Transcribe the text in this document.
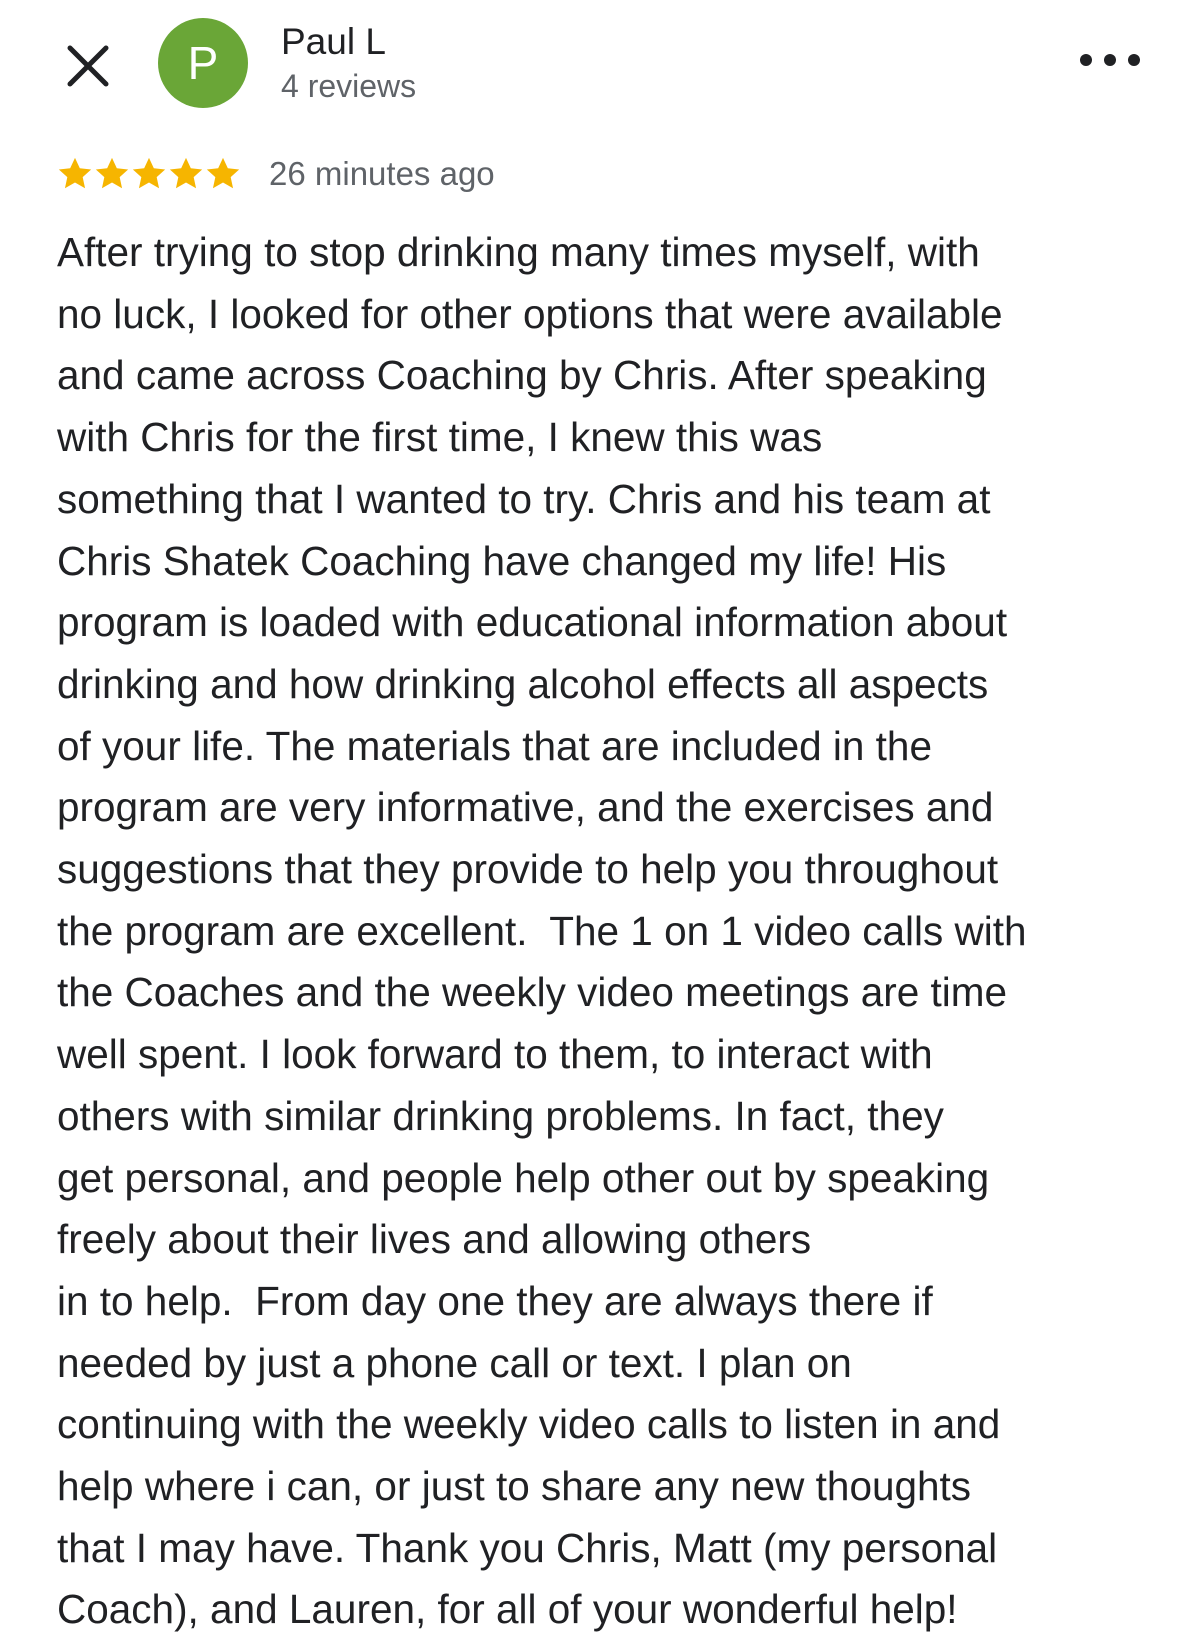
P Paul L
4 reviews
26 minutes ago
After trying to stop drinking many times myself, with
no luck, I looked for other options that were available
and came across Coaching by Chris. After speaking
with Chris for the first time, I knew this was
something that I wanted to try. Chris and his team at
Chris Shatek Coaching have changed my life! His
program is loaded with educational information about
drinking and how drinking alcohol effects all aspects
of your life. The materials that are included in the
program are very informative, and the exercises and
suggestions that they provide to help you throughout
the program are excellent.  The 1 on 1 video calls with
the Coaches and the weekly video meetings are time
well spent. I look forward to them, to interact with
others with similar drinking problems. In fact, they
get personal, and people help other out by speaking
freely about their lives and allowing others
in to help.  From day one they are always there if
needed by just a phone call or text. I plan on
continuing with the weekly video calls to listen in and
help where i can, or just to share any new thoughts
that I may have. Thank you Chris, Matt (my personal
Coach), and Lauren, for all of your wonderful help!
